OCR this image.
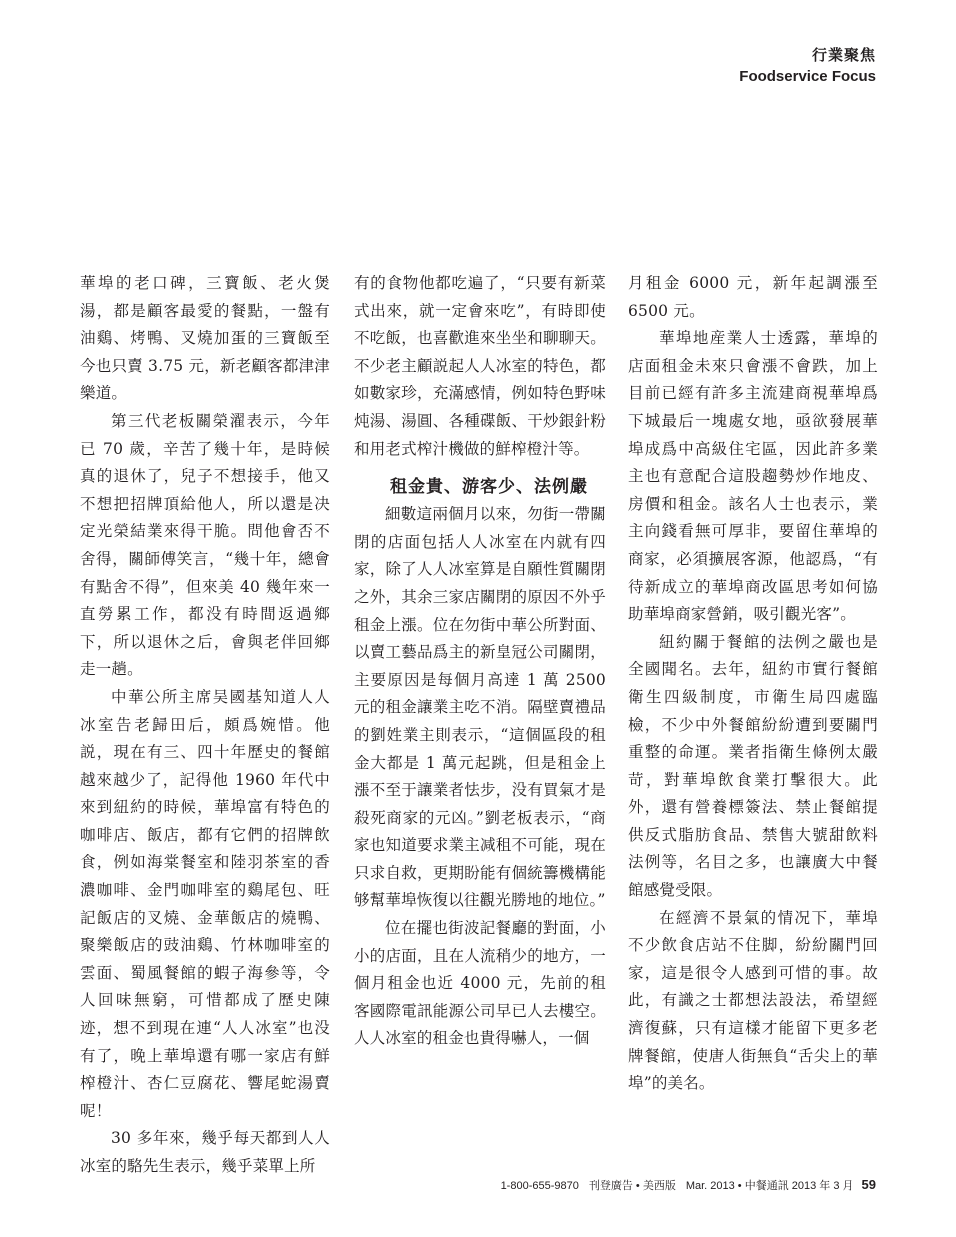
行業聚焦
Foodservice Focus

華埠的老口碑，三寶飯、老火煲湯，都是顧客最愛的餐點，一盤有油鷄、烤鴨、叉燒加蛋的三寶飯至今也只賣 3.75 元，新老顧客都津津樂道。

第三代老板關榮濯表示，今年已 70 歲，辛苦了幾十年，是時候真的退休了，兒子不想接手，他又不想把招牌頂給他人，所以還是决定光榮結業來得干脆。問他會否不舍得，關師傅笑言，“幾十年，總會有點舍不得”，但來美 40 幾年來一直勞累工作，都没有時間返過鄉下，所以退休之后，會與老伴回鄉走一趟。

中華公所主席吴國基知道人人冰室告老歸田后，頗爲婉惜。他説，現在有三、四十年歷史的餐館越來越少了，記得他 1960 年代中來到紐約的時候，華埠富有特色的咖啡店、飯店，都有它們的招牌飲食，例如海棠餐室和陸羽茶室的香濃咖啡、金門咖啡室的鷄尾包、旺記飯店的叉燒、金華飯店的燒鴨、聚樂飯店的豉油鷄、竹林咖啡室的雲面、蜀風餐館的蝦子海參等，令人回味無窮，可惜都成了歷史陳迹，想不到現在連“人人冰室”也没有了，晚上華埠還有哪一家店有鮮榨橙汁、杏仁豆腐花、響尾蛇湯賣呢！

30 多年來，幾乎每天都到人人冰室的駱先生表示，幾乎菜單上所

有的食物他都吃遍了，“只要有新菜式出來，就一定會來吃”，有時即使不吃飯，也喜歡進來坐坐和聊聊天。不少老主顧説起人人冰室的特色，都如數家珍，充滿感情，例如特色野味炖湯、湯圓、各種碟飯、干炒銀針粉和用老式榨汁機做的鮮榨橙汁等。

租金貴、游客少、法例嚴

細數這兩個月以來，勿街一帶關閉的店面包括人人冰室在内就有四家，除了人人冰室算是自願性質關閉之外，其余三家店關閉的原因不外乎租金上漲。位在勿街中華公所對面、以賣工藝品爲主的新皇冠公司關閉，主要原因是每個月高達 1 萬 2500 元的租金讓業主吃不消。隔壁賣禮品的劉姓業主則表示，“這個區段的租金大都是 1 萬元起跳，但是租金上漲不至于讓業者怯步，没有買氣才是殺死商家的元凶。”劉老板表示，“商家也知道要求業主减租不可能，現在只求自救，更期盼能有個統籌機構能够幫華埠恢復以往觀光勝地的地位。”

位在擺也街波記餐廳的對面，小小的店面，且在人流稍少的地方，一個月租金也近 4000 元，先前的租客國際電訊能源公司早已人去樓空。人人冰室的租金也貴得嚇人，一個

月租金 6000 元，新年起調漲至 6500 元。

華埠地産業人士透露，華埠的店面租金未來只會漲不會跌，加上目前已經有許多主流建商視華埠爲下城最后一塊處女地，亟欲發展華埠成爲中高級住宅區，因此許多業主也有意配合這股趨勢炒作地皮、房價和租金。該名人士也表示，業主向錢看無可厚非，要留住華埠的商家，必須擴展客源，他認爲，“有待新成立的華埠商改區思考如何協助華埠商家營銷，吸引觀光客”。

紐約關于餐館的法例之嚴也是全國聞名。去年，紐約市實行餐館衛生四級制度，市衛生局四處臨檢，不少中外餐館紛紛遭到要關門重整的命運。業者指衛生條例太嚴苛，對華埠飲食業打擊很大。此外，還有營養標簽法、禁止餐館提供反式脂肪食品、禁售大號甜飲料法例等，名目之多，也讓廣大中餐館感覺受限。

在經濟不景氣的情况下，華埠不少飲食店站不住脚，紛紛關門回家，這是很令人感到可惜的事。故此，有識之士都想法設法，希望經濟復蘇，只有這樣才能留下更多老牌餐館，使唐人街無負“舌尖上的華埠”的美名。

1-800-655-9870 刊登廣告 • 美西版 Mar. 2013 • 中餐通訊 2013 年 3 月 59
